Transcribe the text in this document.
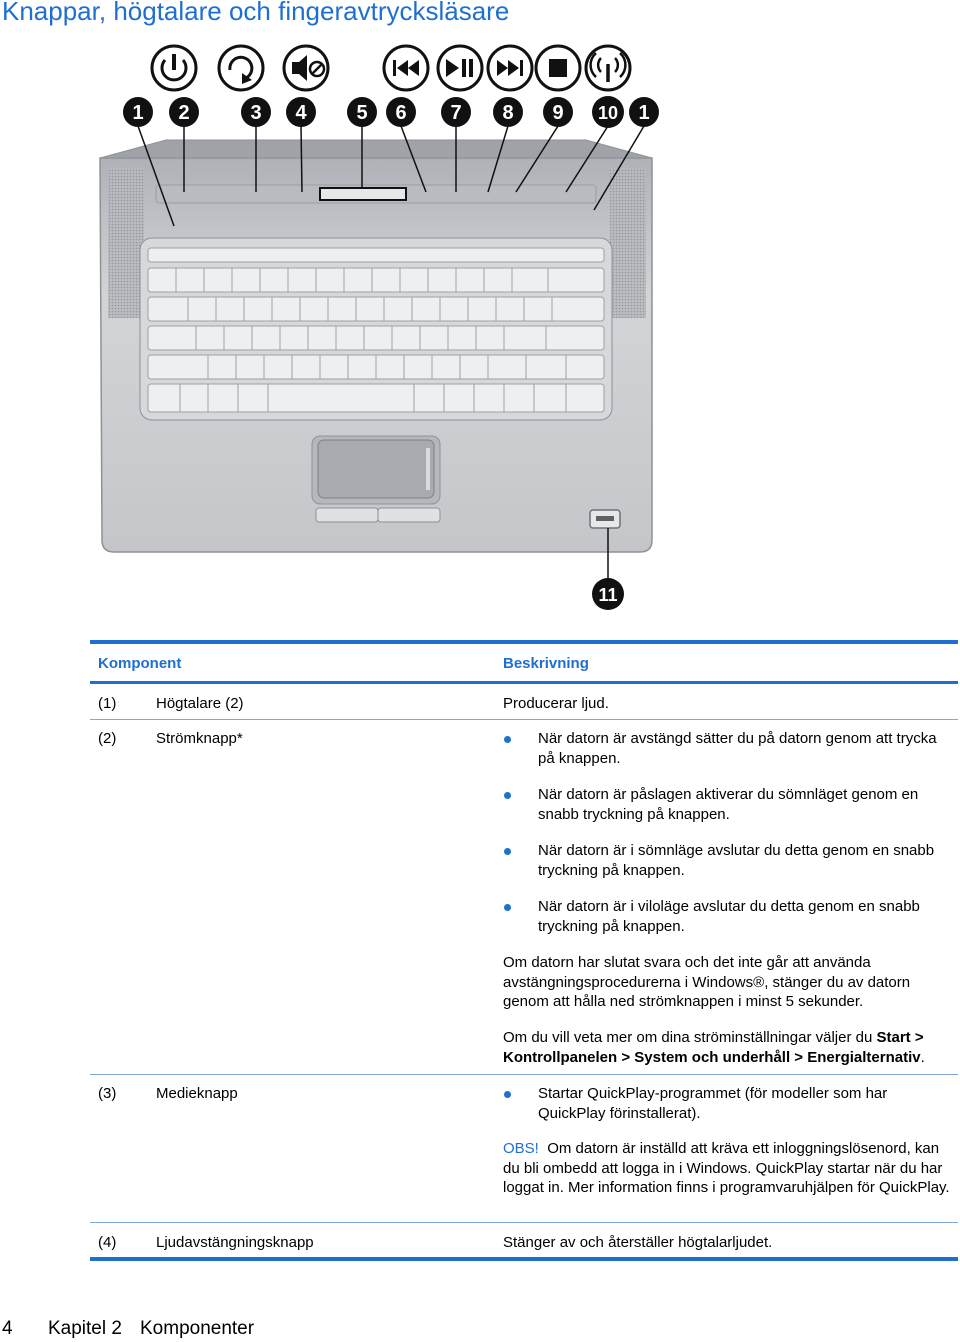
Knappar, högtalare och fingeravtrycksläsare
1 2	3 4 5 6 7 8 9 10 1
11
Komponent	Beskrivning
(1)	Högtalare (2)	Producerar ljud.
(2)	Strömknapp*	När datorn är avstängd sätter du på datorn genom att trycka på knappen.
När datorn är påslagen aktiverar du sömnläget genom en snabb tryckning på knappen.
När datorn är i sömnläge avslutar du detta genom en snabb tryckning på knappen.
När datorn är i viloläge avslutar du detta genom en snabb tryckning på knappen.
Om datorn har slutat svara och det inte går att använda avstängningsprocedurerna i Windows®, stänger du av datorn genom att hålla ned strömknappen i minst 5 sekunder.
Om du vill veta mer om dina ströminställningar väljer du Start > Kontrollpanelen > System och underhåll > Energialternativ.
(3)	Medieknapp	Startar QuickPlay-programmet (för modeller som har QuickPlay förinstallerat).
OBS! Om datorn är inställd att kräva ett inloggningslösenord, kan du bli ombedd att logga in i Windows. QuickPlay startar när du har loggat in. Mer information finns i programvaruhjälpen för QuickPlay.
(4)	Ljudavstängningsknapp	Stänger av och återställer högtalarljudet.
4 Kapitel 2 Komponenter
